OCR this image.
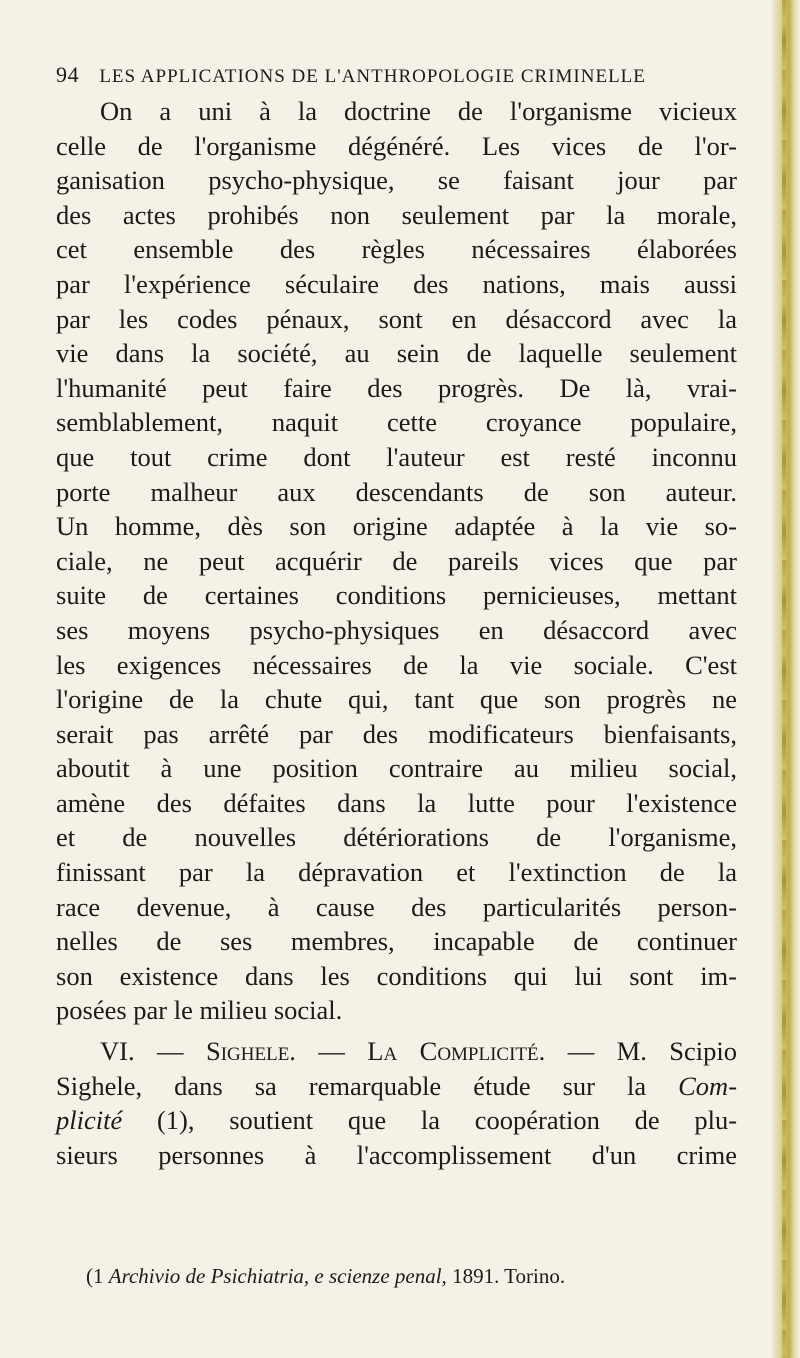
94 LES APPLICATIONS DE L'ANTHROPOLOGIE CRIMINELLE
On a uni à la doctrine de l'organisme vicieux
celle de l'organisme dégénéré. Les vices de l'or-
ganisation psycho-physique, se faisant jour par
des actes prohibés non seulement par la morale,
cet ensemble des règles nécessaires élaborées
par l'expérience séculaire des nations, mais aussi
par les codes pénaux, sont en désaccord avec la
vie dans la société, au sein de laquelle seulement
l'humanité peut faire des progrès. De là, vrai-
semblablement, naquit cette croyance populaire,
que tout crime dont l'auteur est resté inconnu
porte malheur aux descendants de son auteur.
Un homme, dès son origine adaptée à la vie so-
ciale, ne peut acquérir de pareils vices que par
suite de certaines conditions pernicieuses, mettant
ses moyens psycho-physiques en désaccord avec
les exigences nécessaires de la vie sociale. C'est
l'origine de la chute qui, tant que son progrès ne
serait pas arrêté par des modificateurs bienfaisants,
aboutit à une position contraire au milieu social,
amène des défaites dans la lutte pour l'existence
et de nouvelles détériorations de l'organisme,
finissant par la dépravation et l'extinction de la
race devenue, à cause des particularités person-
nelles de ses membres, incapable de continuer
son existence dans les conditions qui lui sont im-
posées par le milieu social.
VI. — Sighele. — La Complicité. — M. Scipio
Sighele, dans sa remarquable étude sur la Com-
plicité (1), soutient que la coopération de plu-
sieurs personnes à l'accomplissement d'un crime
(1 Archivio de Psichiatria, e scienze penal, 1891. Torino.
